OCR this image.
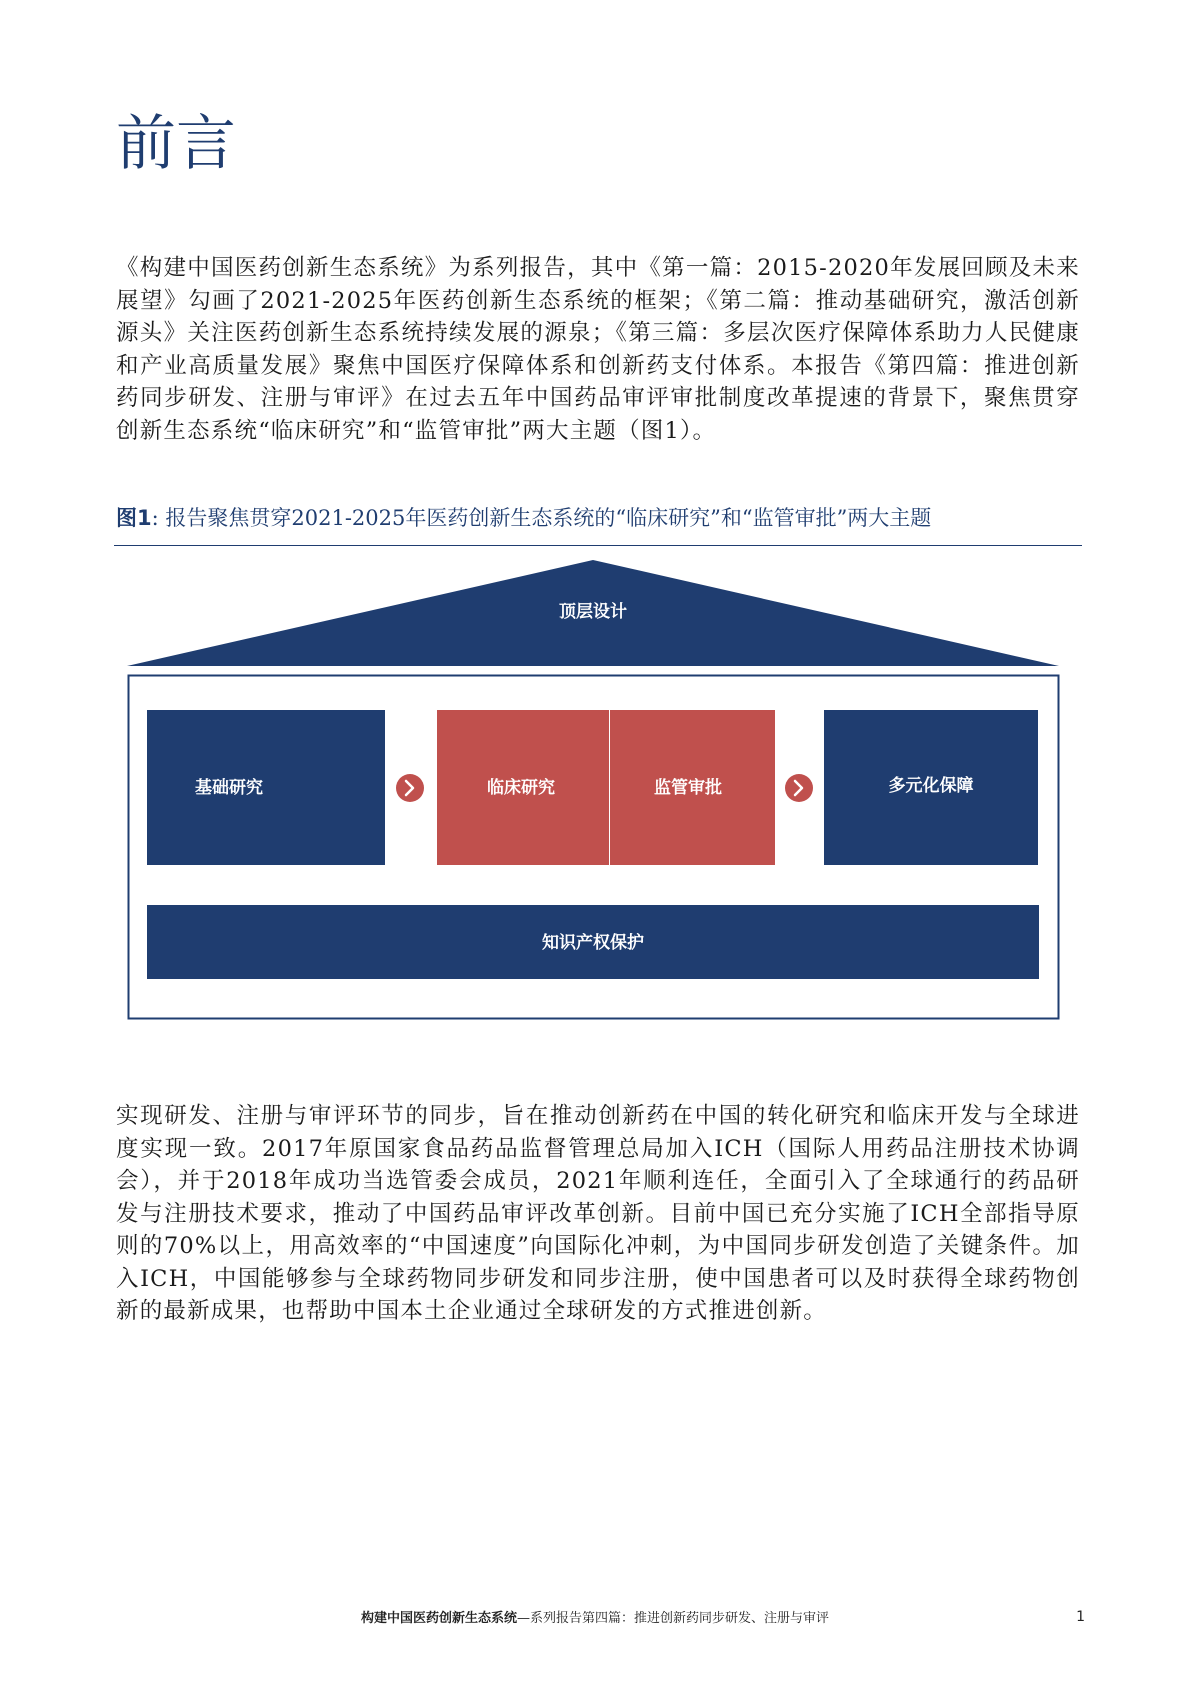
前言

《构建中国医药创新生态系统》为系列报告，其中《第一篇：2015-2020年发展回顾及未来展望》勾画了2021-2025年医药创新生态系统的框架；《第二篇：推动基础研究，激活创新源头》关注医药创新生态系统持续发展的源泉；《第三篇：多层次医疗保障体系助力人民健康和产业高质量发展》聚焦中国医疗保障体系和创新药支付体系。本报告《第四篇：推进创新药同步研发、注册与审评》在过去五年中国药品审评审批制度改革提速的背景下，聚焦贯穿创新生态系统“临床研究”和“监管审批”两大主题（图1）。

图1: 报告聚焦贯穿2021-2025年医药创新生态系统的“临床研究”和“监管审批”两大主题

顶层设计
基础研究	临床研究	监管审批	多元化保障
知识产权保护

实现研发、注册与审评环节的同步，旨在推动创新药在中国的转化研究和临床开发与全球进度实现一致。2017年原国家食品药品监督管理总局加入ICH（国际人用药品注册技术协调会），并于2018年成功当选管委会成员，2021年顺利连任，全面引入了全球通行的药品研发与注册技术要求，推动了中国药品审评改革创新。目前中国已充分实施了ICH全部指导原则的70%以上，用高效率的“中国速度”向国际化冲刺，为中国同步研发创造了关键条件。加入ICH，中国能够参与全球药物同步研发和同步注册，使中国患者可以及时获得全球药物创新的最新成果，也帮助中国本土企业通过全球研发的方式推进创新。

构建中国医药创新生态系统—系列报告第四篇：推进创新药同步研发、注册与审评	1
